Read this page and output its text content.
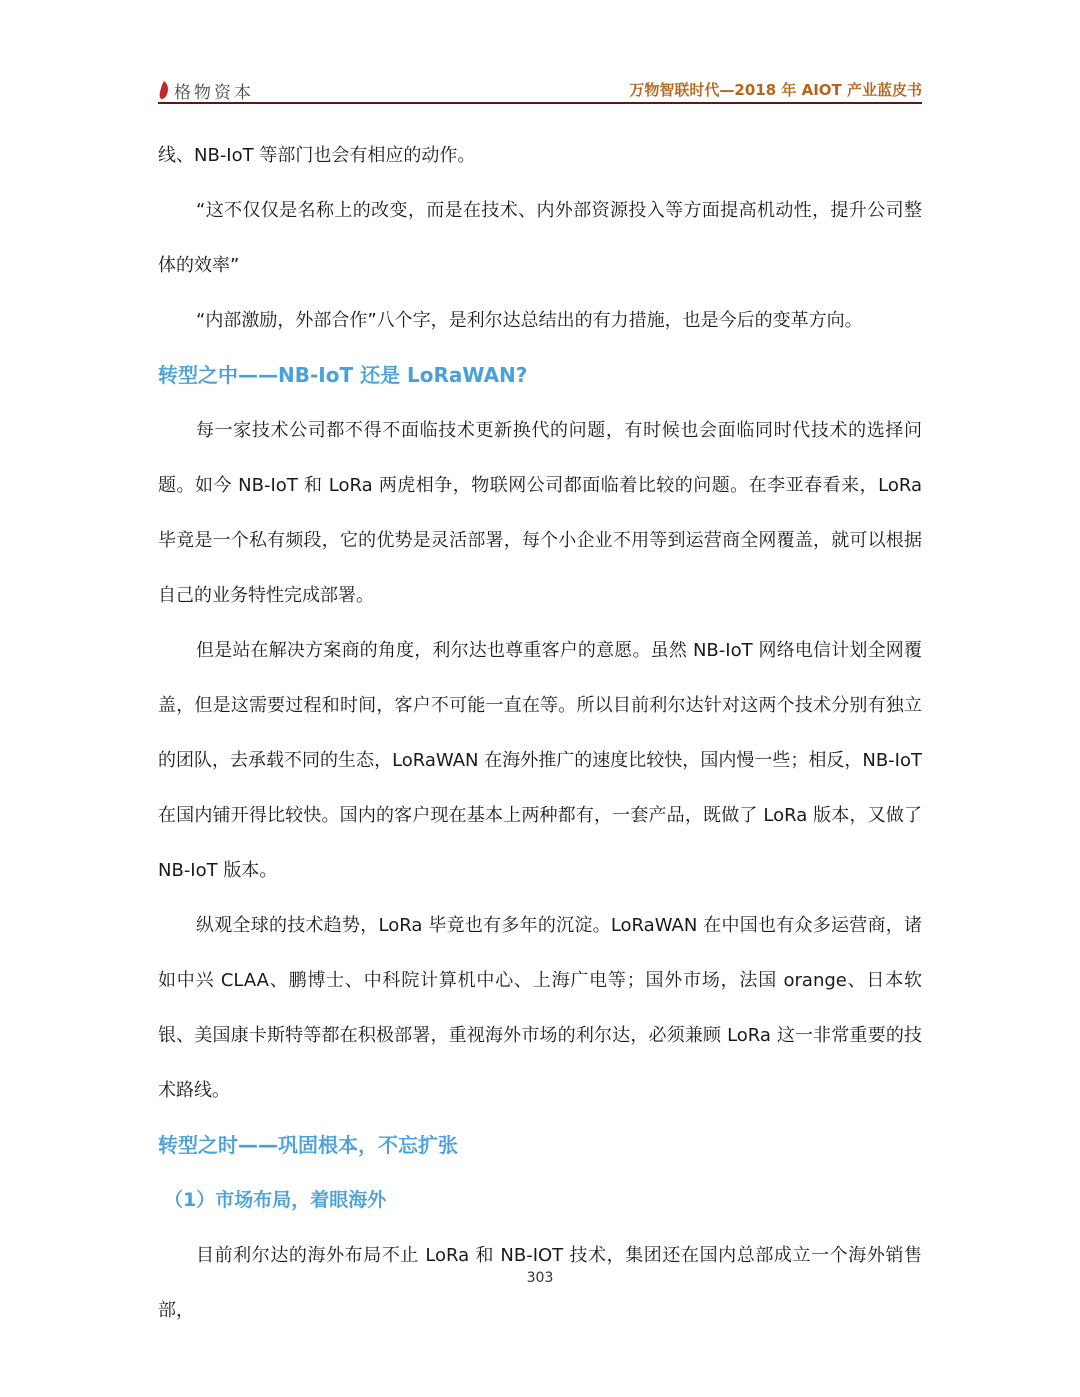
格物资本	万物智联时代—2018 年 AIOT 产业蓝皮书

线、NB-IoT 等部门也会有相应的动作。

“这不仅仅是名称上的改变，而是在技术、内外部资源投入等方面提高机动性，提升公司整体的效率”

“内部激励，外部合作”八个字，是利尔达总结出的有力措施，也是今后的变革方向。

转型之中——NB-IoT 还是 LoRaWAN?

每一家技术公司都不得不面临技术更新换代的问题，有时候也会面临同时代技术的选择问题。如今 NB-IoT 和 LoRa 两虎相争，物联网公司都面临着比较的问题。在李亚春看来，LoRa 毕竟是一个私有频段，它的优势是灵活部署，每个小企业不用等到运营商全网覆盖，就可以根据自己的业务特性完成部署。

但是站在解决方案商的角度，利尔达也尊重客户的意愿。虽然 NB-IoT 网络电信计划全网覆盖，但是这需要过程和时间，客户不可能一直在等。所以目前利尔达针对这两个技术分别有独立的团队，去承载不同的生态，LoRaWAN 在海外推广的速度比较快，国内慢一些；相反，NB-IoT 在国内铺开得比较快。国内的客户现在基本上两种都有，一套产品，既做了 LoRa 版本，又做了 NB-IoT 版本。

纵观全球的技术趋势，LoRa 毕竟也有多年的沉淀。LoRaWAN 在中国也有众多运营商，诸如中兴 CLAA、鹏博士、中科院计算机中心、上海广电等；国外市场，法国 orange、日本软银、美国康卡斯特等都在积极部署，重视海外市场的利尔达，必须兼顾 LoRa 这一非常重要的技术路线。

转型之时——巩固根本，不忘扩张
（1）市场布局，着眼海外

目前利尔达的海外布局不止 LoRa 和 NB-IOT 技术，集团还在国内总部成立一个海外销售部，

303
